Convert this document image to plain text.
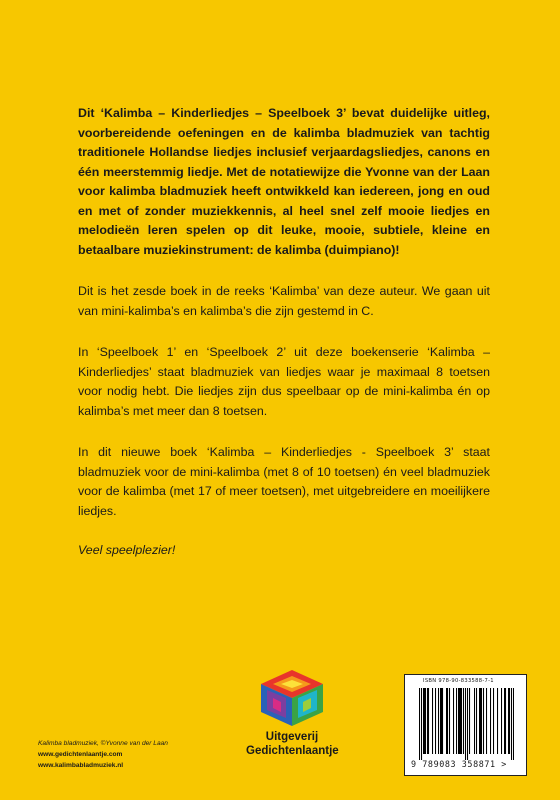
Dit ‘Kalimba – Kinderliedjes – Speelboek 3’ bevat duidelijke uitleg, voorbereidende oefeningen en de kalimba bladmuziek van tachtig traditionele Hollandse liedjes inclusief verjaardagsliedjes, canons en één meerstemmig liedje. Met de notatiewijze die Yvonne van der Laan voor kalimba bladmuziek heeft ontwikkeld kan iedereen, jong en oud en met of zonder muziekkennis, al heel snel zelf mooie liedjes en melodieën leren spelen op dit leuke, mooie, subtiele, kleine en betaalbare muziekinstrument: de kalimba (duimpiano)!

Dit is het zesde boek in de reeks ‘Kalimba’ van deze auteur. We gaan uit van mini-kalimba’s en kalimba’s die zijn gestemd in C.

In ‘Speelboek 1’ en ‘Speelboek 2’ uit deze boekenserie ‘Kalimba – Kinderliedjes’ staat bladmuziek van liedjes waar je maximaal 8 toetsen voor nodig hebt. Die liedjes zijn dus speelbaar op de mini-kalimba én op kalimba’s met meer dan 8 toetsen.

In dit nieuwe boek ‘Kalimba – Kinderliedjes - Speelboek 3’ staat bladmuziek voor de mini-kalimba (met 8 of 10 toetsen) én veel bladmuziek voor de kalimba (met 17 of meer toetsen), met uitgebreidere en moeilijkere liedjes.

Veel speelplezier!

Kalimba bladmuziek, ©Yvonne van der Laan
www.gedichtenlaantje.com
www.kalimbabladmuziek.nl
Uitgeverij
Gedichtenlaantje
ISBN 978-90-833588-7-1
9 789083 358871 >
